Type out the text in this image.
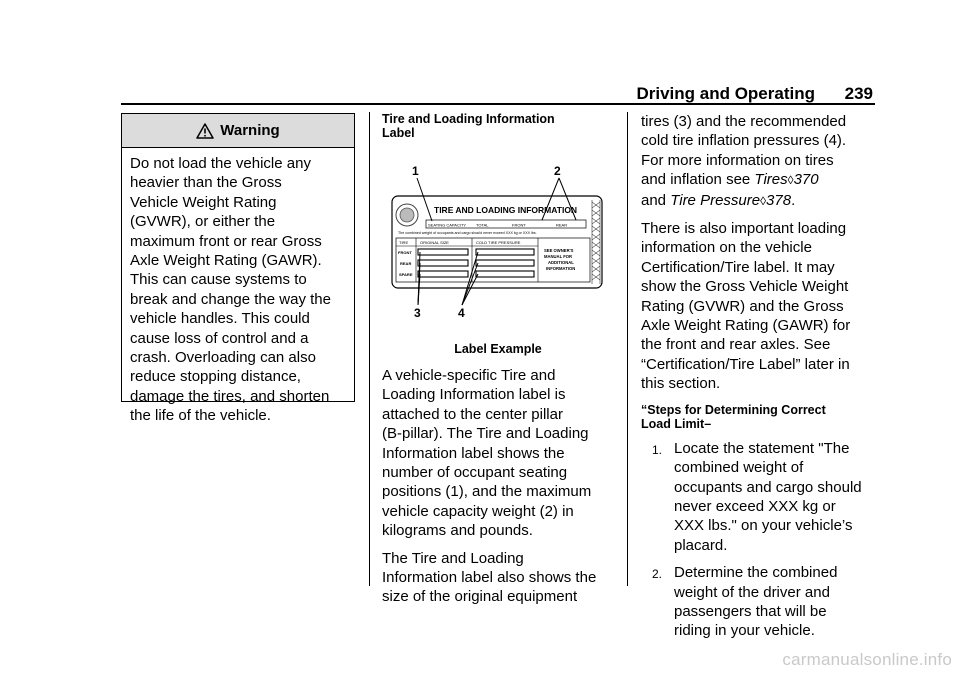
Driving and Operating 239
Warning
Do not load the vehicle any
heavier than the Gross
Vehicle Weight Rating
(GVWR), or either the
maximum front or rear Gross
Axle Weight Rating (GAWR).
This can cause systems to
break and change the way the
vehicle handles. This could
cause loss of control and a
crash. Overloading can also
reduce stopping distance,
damage the tires, and shorten
the life of the vehicle.
Tire and Loading Information
Label
1	2
3	4
TIRE AND LOADING INFORMATION
SEATING CAPACITY TOTAL	FRONT	REAR
The combined weight of occupants and cargo should never exceed XXX kg or XXX lbs.
TIRE	ORIGINAL SIZE	COLD TIRE PRESSURE
FRONT
REAR
SPARE
SEE OWNER'S
MANUAL FOR
ADDITIONAL
INFORMATION
Label Example

A vehicle-specific Tire and
Loading Information label is
attached to the center pillar
(B-pillar). The Tire and Loading
Information label shows the
number of occupant seating
positions (1), and the maximum
vehicle capacity weight (2) in
kilograms and pounds.

The Tire and Loading
Information label also shows the
size of the original equipment

tires (3) and the recommended
cold tire inflation pressures (4).
For more information on tires
and inflation see Tires◊370
and Tire Pressure◊378.

There is also important loading
information on the vehicle
Certification/Tire label. It may
show the Gross Vehicle Weight
Rating (GVWR) and the Gross
Axle Weight Rating (GAWR) for
the front and rear axles. See
“Certification/Tire Label” later in
this section.

“Steps for Determining Correct
Load Limit–
1. Locate the statement "The
combined weight of
occupants and cargo should
never exceed XXX kg or
XXX lbs." on your vehicle’s
placard.
2. Determine the combined
weight of the driver and
passengers that will be
riding in your vehicle.
carmanualsonline.info
